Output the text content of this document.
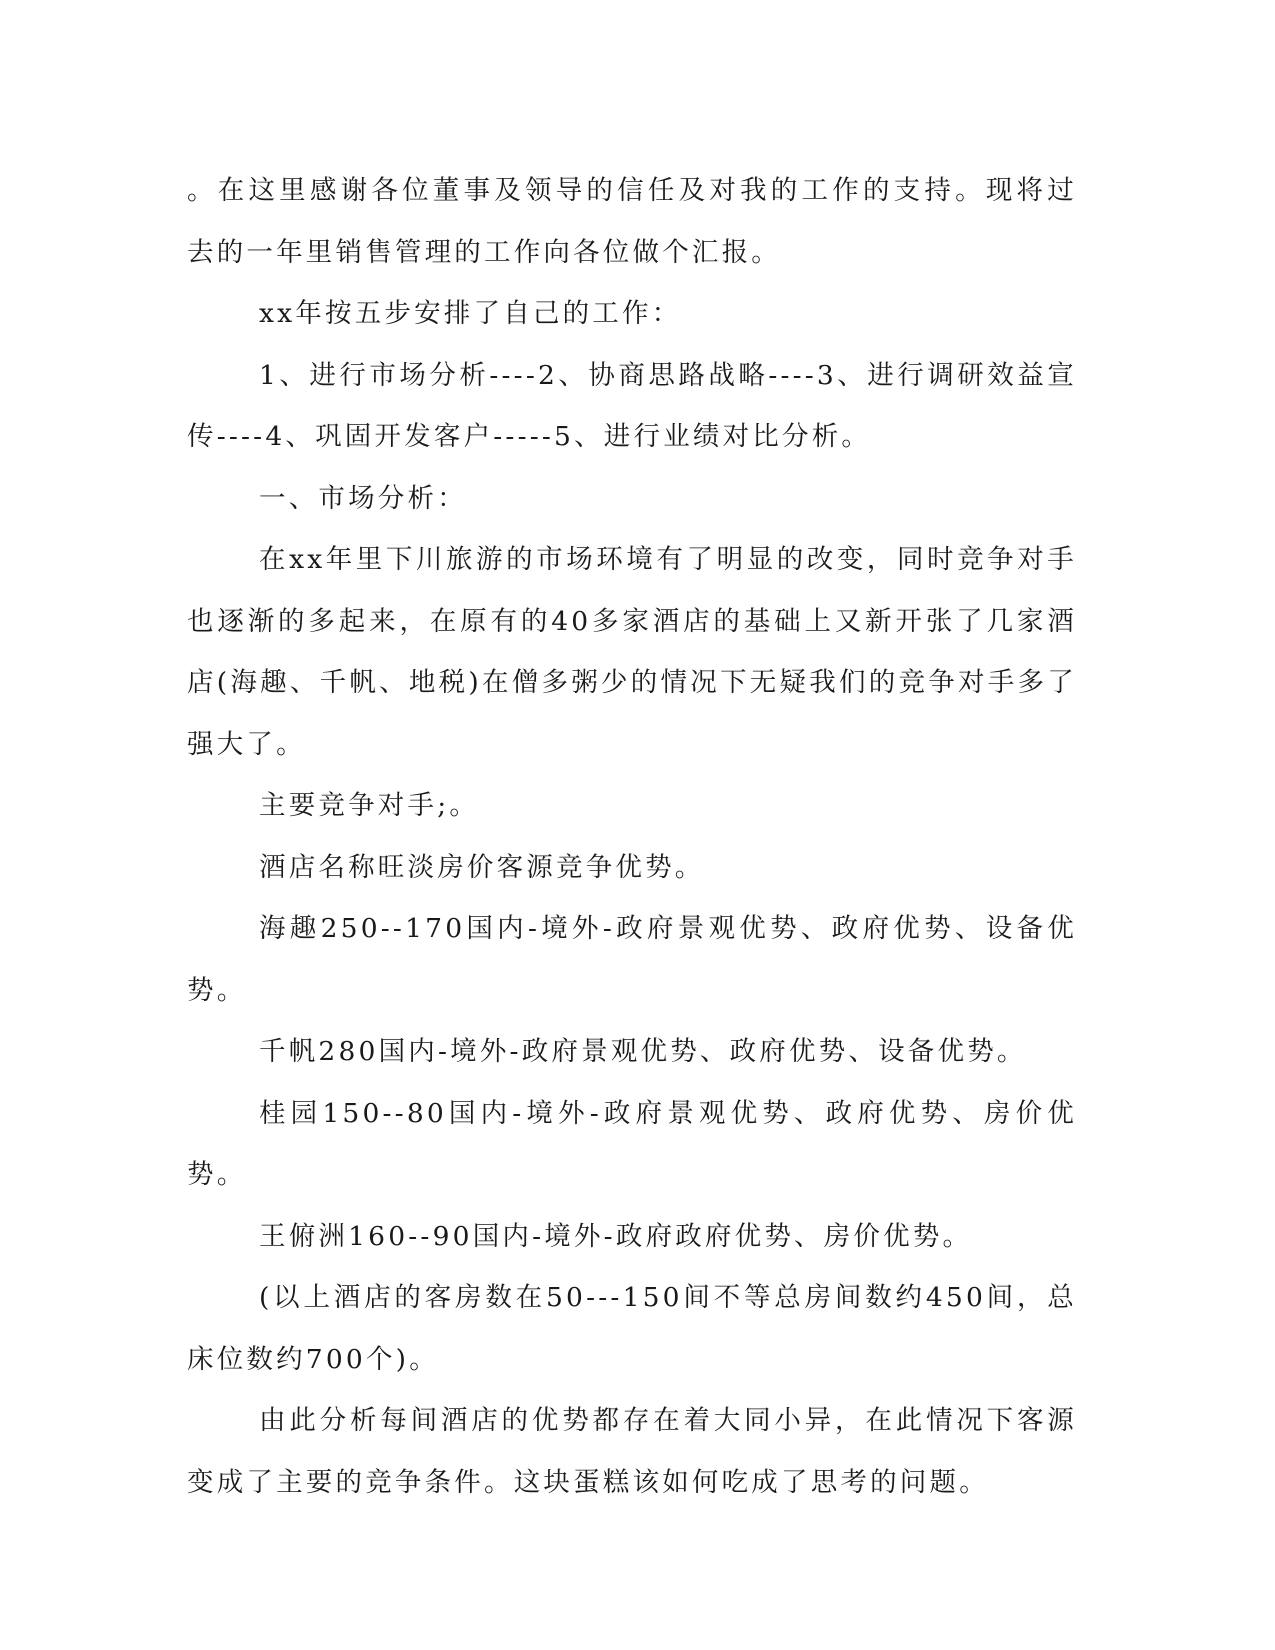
。在这里感谢各位董事及领导的信任及对我的工作的支持。现将过去的一年里销售管理的工作向各位做个汇报。

xx年按五步安排了自己的工作：

1、进行市场分析----2、协商思路战略----3、进行调研效益宣传----4、巩固开发客户-----5、进行业绩对比分析。

一、市场分析：

在xx年里下川旅游的市场环境有了明显的改变，同时竞争对手也逐渐的多起来，在原有的40多家酒店的基础上又新开张了几家酒店(海趣、千帆、地税)在僧多粥少的情况下无疑我们的竞争对手多了强大了。

主要竞争对手;。

酒店名称旺淡房价客源竞争优势。

海趣250--170国内-境外-政府景观优势、政府优势、设备优势。

千帆280国内-境外-政府景观优势、政府优势、设备优势。

桂园150--80国内-境外-政府景观优势、政府优势、房价优势。

王俯洲160--90国内-境外-政府政府优势、房价优势。

(以上酒店的客房数在50---150间不等总房间数约450间，总床位数约700个)。

由此分析每间酒店的优势都存在着大同小异，在此情况下客源变成了主要的竞争条件。这块蛋糕该如何吃成了思考的问题。
